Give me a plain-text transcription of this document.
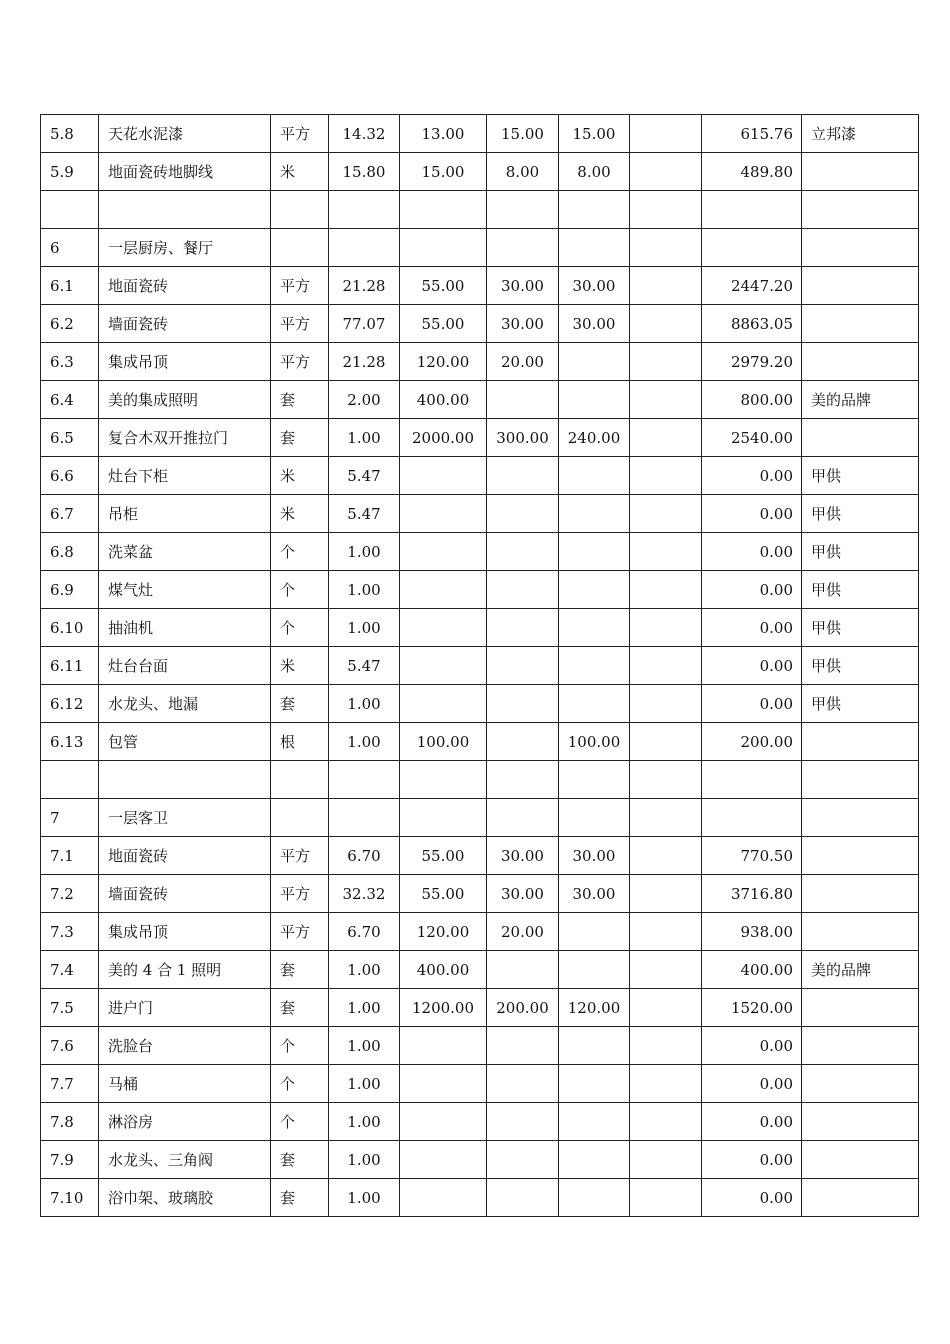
5.8	天花水泥漆	平方	14.32	13.00	15.00	15.00		615.76	立邦漆
5.9	地面瓷砖地脚线	米	15.80	15.00	8.00	8.00		489.80	

6	一层厨房、餐厅								
6.1	地面瓷砖	平方	21.28	55.00	30.00	30.00		2447.20	
6.2	墙面瓷砖	平方	77.07	55.00	30.00	30.00		8863.05	
6.3	集成吊顶	平方	21.28	120.00	20.00			2979.20	
6.4	美的集成照明	套	2.00	400.00				800.00	美的品牌
6.5	复合木双开推拉门	套	1.00	2000.00	300.00	240.00		2540.00	
6.6	灶台下柜	米	5.47					0.00	甲供
6.7	吊柜	米	5.47					0.00	甲供
6.8	洗菜盆	个	1.00					0.00	甲供
6.9	煤气灶	个	1.00					0.00	甲供
6.10	抽油机	个	1.00					0.00	甲供
6.11	灶台台面	米	5.47					0.00	甲供
6.12	水龙头、地漏	套	1.00					0.00	甲供
6.13	包管	根	1.00	100.00		100.00		200.00	

7	一层客卫								
7.1	地面瓷砖	平方	6.70	55.00	30.00	30.00		770.50	
7.2	墙面瓷砖	平方	32.32	55.00	30.00	30.00		3716.80	
7.3	集成吊顶	平方	6.70	120.00	20.00			938.00	
7.4	美的 4 合 1 照明	套	1.00	400.00				400.00	美的品牌
7.5	进户门	套	1.00	1200.00	200.00	120.00		1520.00	
7.6	洗脸台	个	1.00					0.00	
7.7	马桶	个	1.00					0.00	
7.8	淋浴房	个	1.00					0.00	
7.9	水龙头、三角阀	套	1.00					0.00	
7.10	浴巾架、玻璃胶	套	1.00					0.00	
